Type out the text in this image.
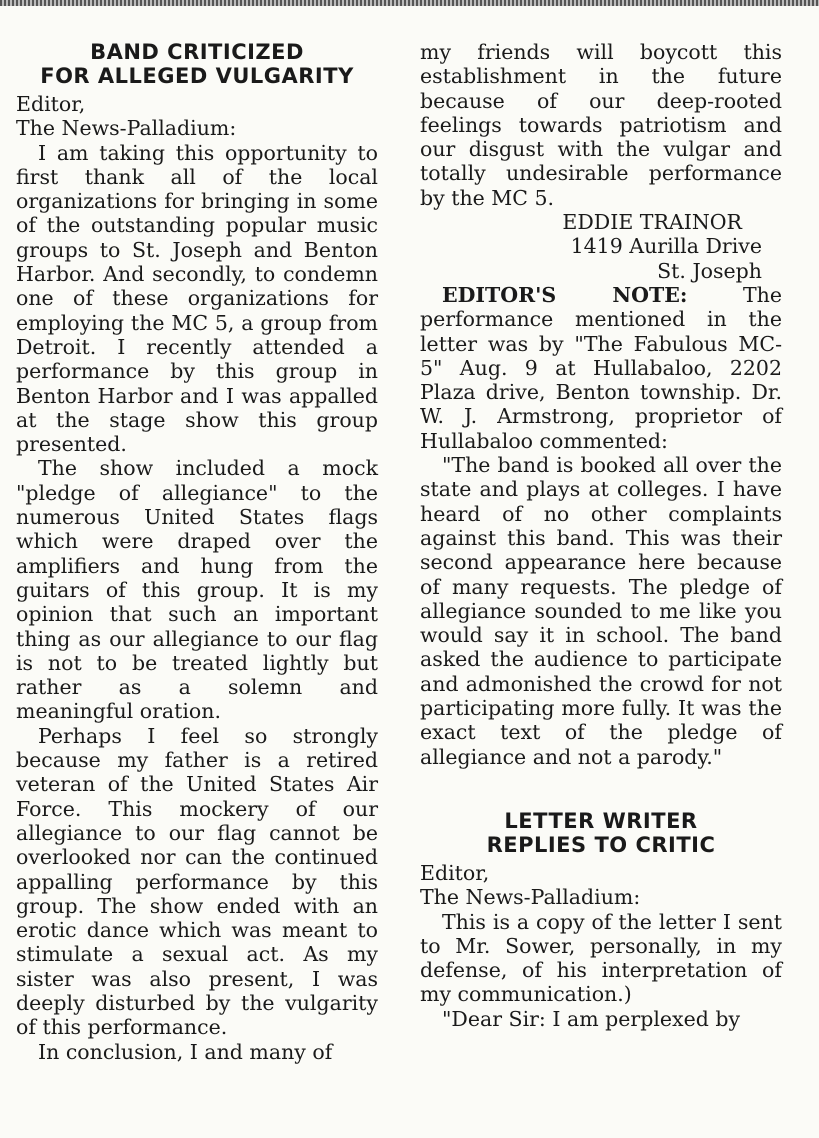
BAND CRITICIZED

FOR ALLEGED VULGARITY

Editor,

The News-Palladium:

I am taking this opportunity to first thank all of the local organizations for bringing in some of the outstanding popular music groups to St. Joseph and Benton Harbor. And secondly, to condemn one of these organizations for employing the MC 5, a group from Detroit. I recently attended a performance by this group in Benton Harbor and I was appalled at the stage show this group presented.

The show included a mock "pledge of allegiance" to the numerous United States flags which were draped over the amplifiers and hung from the guitars of this group. It is my opinion that such an important thing as our allegiance to our flag is not to be treated lightly but rather as a solemn and meaningful oration.

Perhaps I feel so strongly because my father is a retired veteran of the United States Air Force. This mockery of our allegiance to our flag cannot be overlooked nor can the continued appalling performance by this group. The show ended with an erotic dance which was meant to stimulate a sexual act. As my sister was also present, I was deeply disturbed by the vulgarity of this performance.

In conclusion, I and many of

my friends will boycott this establishment in the future because of our deep-rooted feelings towards patriotism and our disgust with the vulgar and totally undesirable performance by the MC 5.

EDDIE TRAINOR

1419 Aurilla Drive

St. Joseph

EDITOR'S NOTE:	The performance mentioned in the letter was by "The Fabulous MC-5" Aug. 9 at Hullabaloo, 2202 Plaza drive, Benton township. Dr. W. J. Armstrong, proprietor of Hullabaloo commented:

"The band is booked all over the state and plays at colleges. I have heard of no other complaints against this band. This was their second appearance here because of many requests. The pledge of allegiance sounded to me like you would say it in school. The band asked the audience to participate and admonished the crowd for not participating more fully. It was the exact text of the pledge of allegiance and not a parody."

LETTER WRITER

REPLIES TO CRITIC

Editor,

The News-Palladium:

This is a copy of the letter I sent to Mr. Sower, personally, in my defense, of his interpretation of my communication.)

"Dear Sir: I am perplexed by
